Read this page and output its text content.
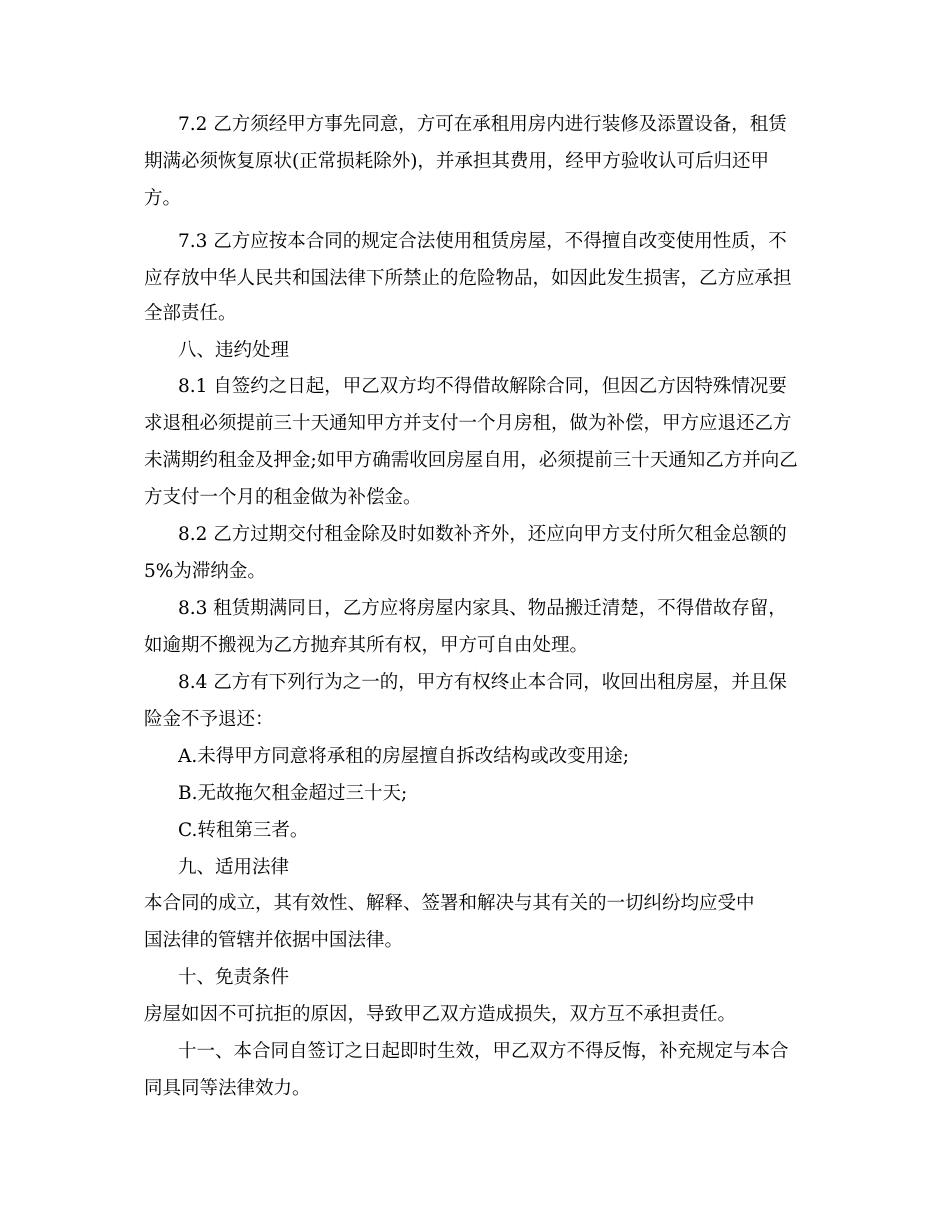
7.2 乙方须经甲方事先同意，方可在承租用房内进行装修及添置设备，租赁
期满必须恢复原状(正常损耗除外)，并承担其费用，经甲方验收认可后归还甲
方。
7.3 乙方应按本合同的规定合法使用租赁房屋，不得擅自改变使用性质，不
应存放中华人民共和国法律下所禁止的危险物品，如因此发生损害，乙方应承担
全部责任。
八、违约处理
8.1 自签约之日起，甲乙双方均不得借故解除合同，但因乙方因特殊情况要
求退租必须提前三十天通知甲方并支付一个月房租，做为补偿，甲方应退还乙方
未满期约租金及押金;如甲方确需收回房屋自用，必须提前三十天通知乙方并向乙
方支付一个月的租金做为补偿金。
8.2 乙方过期交付租金除及时如数补齐外，还应向甲方支付所欠租金总额的
5%为滞纳金。
8.3 租赁期满同日，乙方应将房屋内家具、物品搬迁清楚，不得借故存留，
如逾期不搬视为乙方抛弃其所有权，甲方可自由处理。
8.4 乙方有下列行为之一的，甲方有权终止本合同，收回出租房屋，并且保
险金不予退还：
A.未得甲方同意将承租的房屋擅自拆改结构或改变用途;
B.无故拖欠租金超过三十天;
C.转租第三者。
九、适用法律
本合同的成立，其有效性、解释、签署和解决与其有关的一切纠纷均应受中
国法律的管辖并依据中国法律。
十、免责条件
房屋如因不可抗拒的原因，导致甲乙双方造成损失，双方互不承担责任。
十一、本合同自签订之日起即时生效，甲乙双方不得反悔，补充规定与本合
同具同等法律效力。
